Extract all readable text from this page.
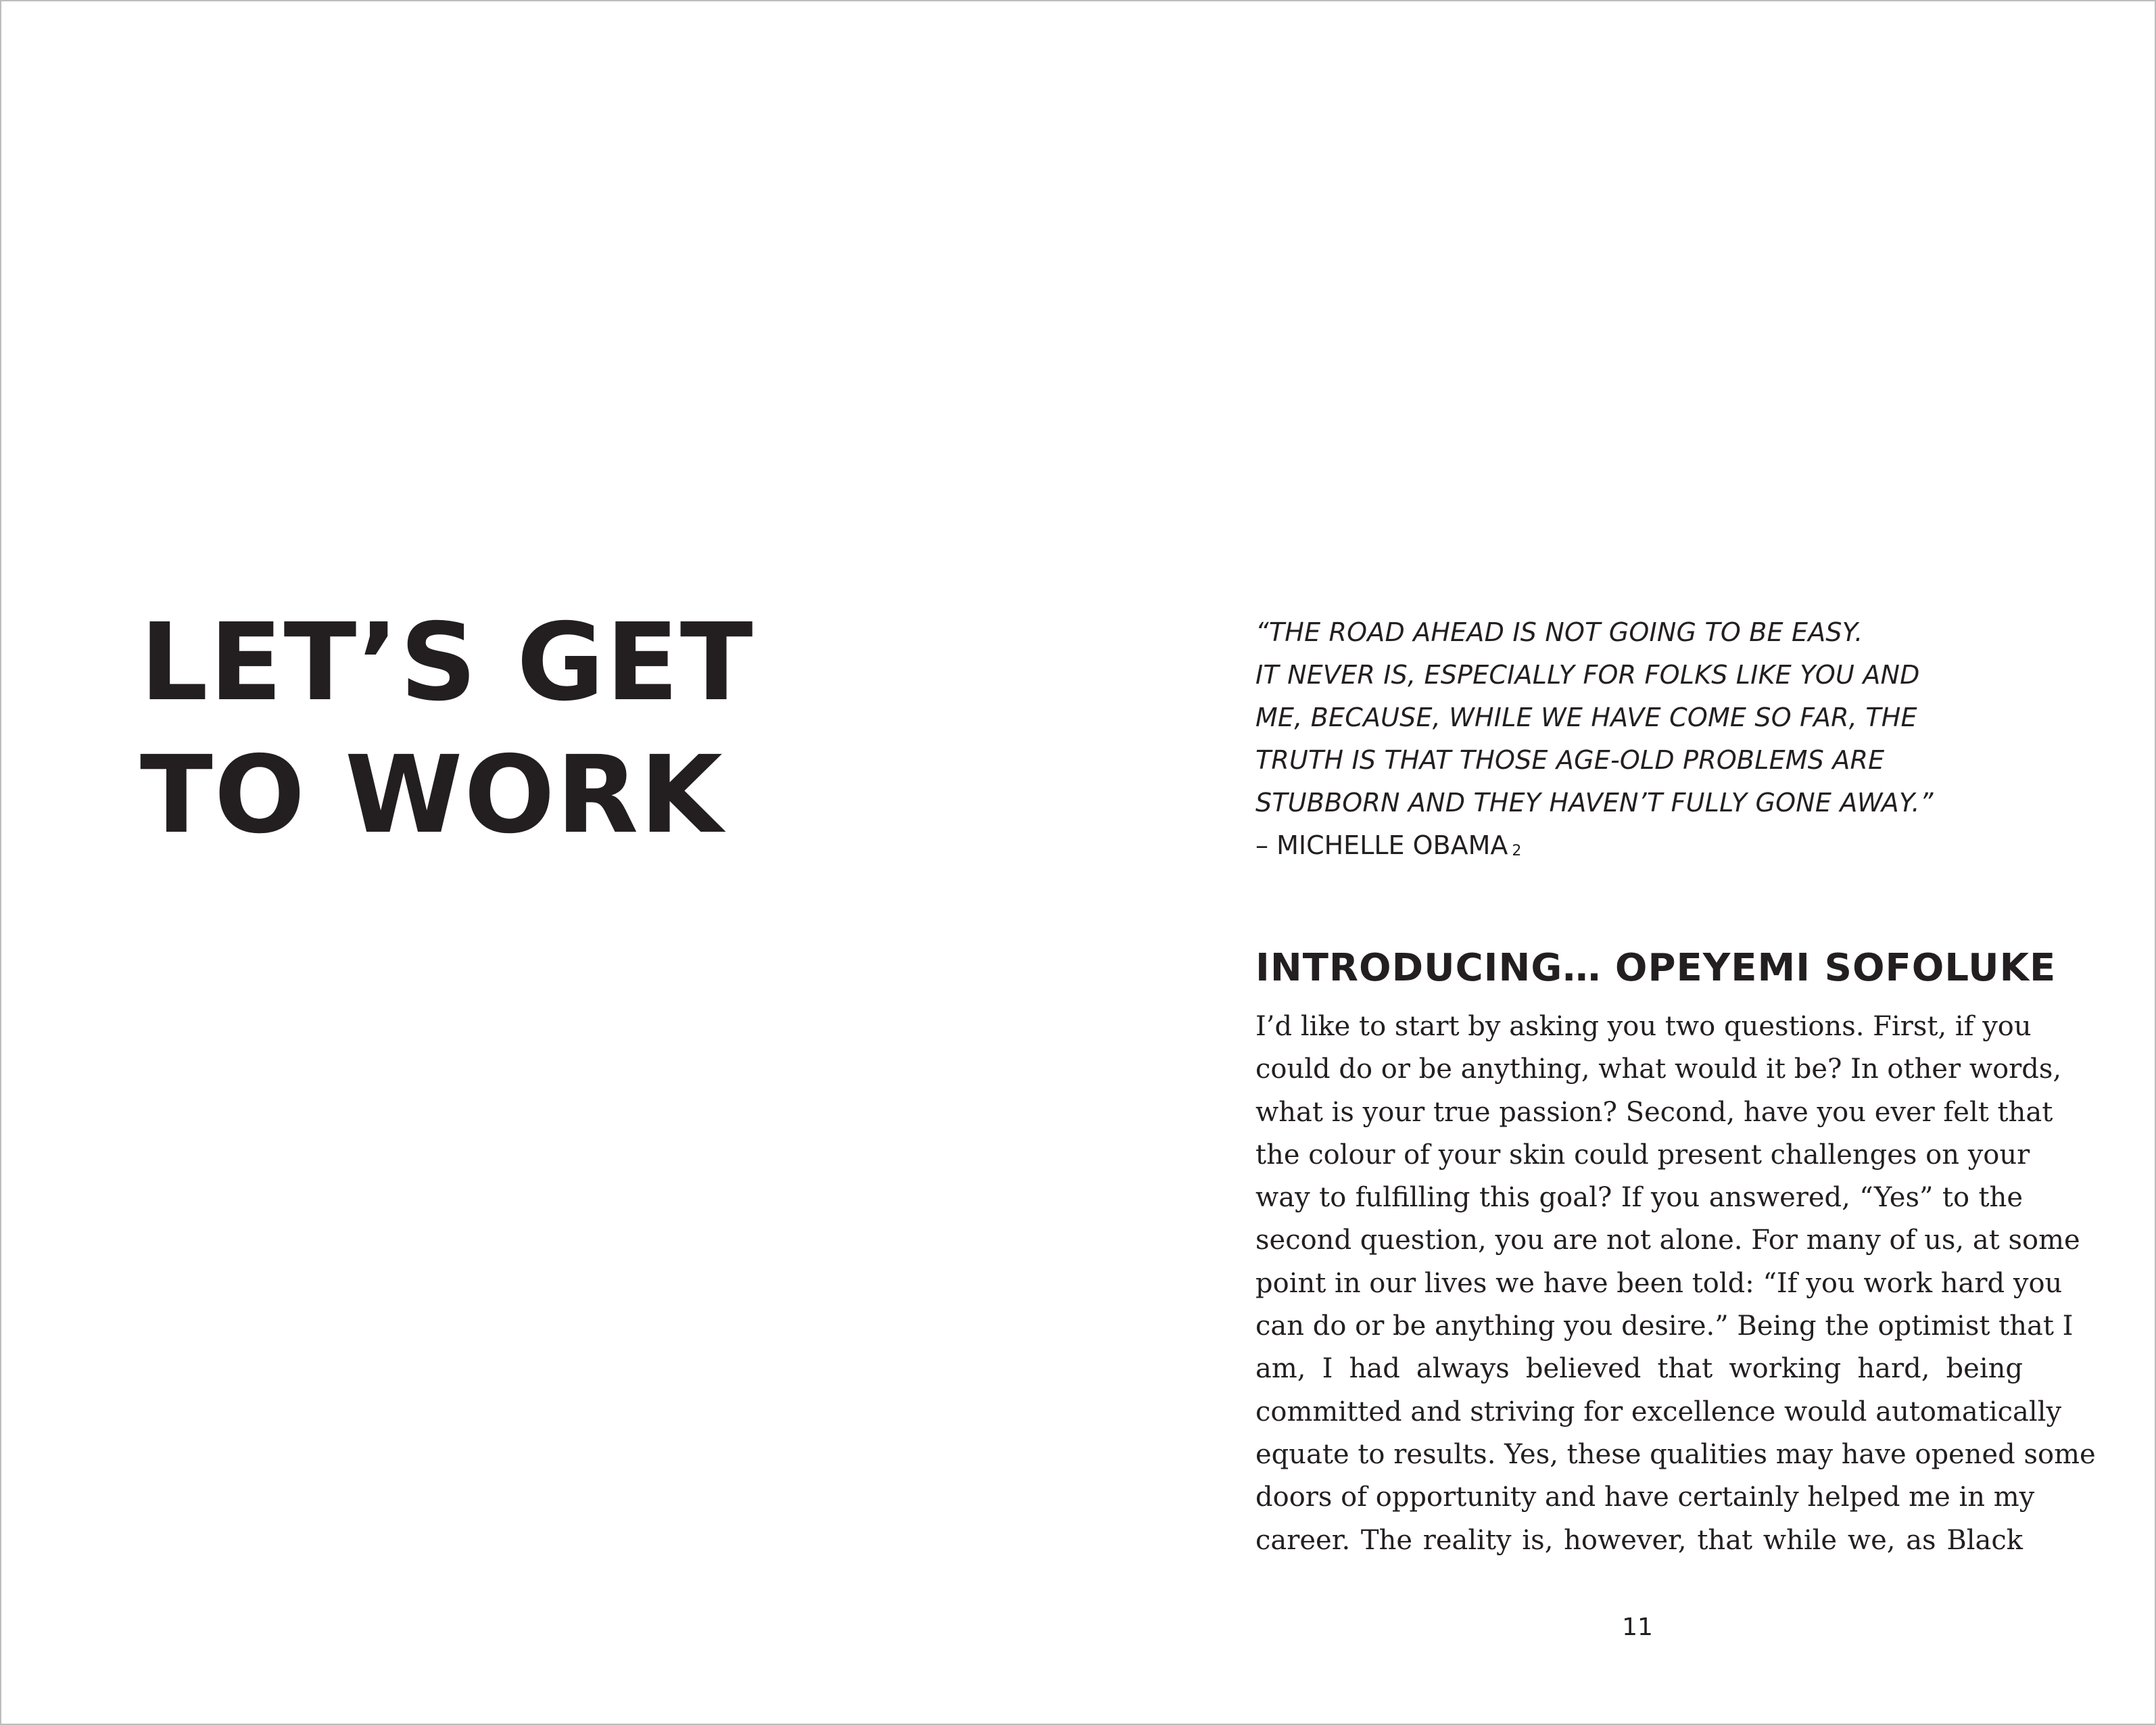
LET’S GET
TO WORK
“THE ROAD AHEAD IS NOT GOING TO BE EASY.
IT NEVER IS, ESPECIALLY FOR FOLKS LIKE YOU AND
ME, BECAUSE, WHILE WE HAVE COME SO FAR, THE
TRUTH IS THAT THOSE AGE-OLD PROBLEMS ARE
STUBBORN AND THEY HAVEN’T FULLY GONE AWAY.”
– MICHELLE OBAMA 2
INTRODUCING… OPEYEMI SOFOLUKE
I’d like to start by asking you two questions. First, if you
could do or be anything, what would it be? In other words,
what is your true passion? Second, have you ever felt that
the colour of your skin could present challenges on your
way to fulfilling this goal? If you answered, “Yes” to the
second question, you are not alone. For many of us, at some
point in our lives we have been told: “If you work hard you
can do or be anything you desire.” Being the optimist that I
am, I had always believed that working hard, being
committed and striving for excellence would automatically
equate to results. Yes, these qualities may have opened some
doors of opportunity and have certainly helped me in my
career. The reality is, however, that while we, as Black
11
